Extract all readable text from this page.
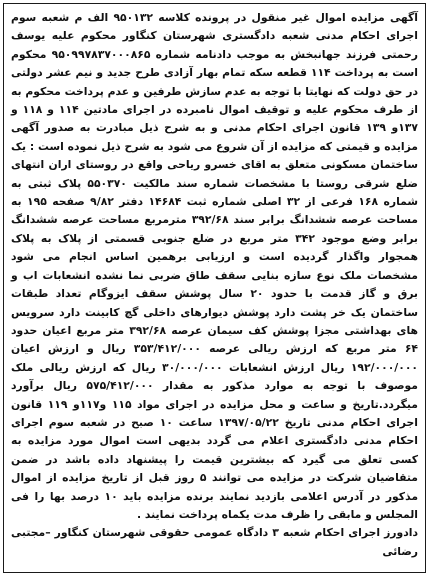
آگهی مزایده اموال غیر منقول در پرونده کلاسه ۹۵۰۱۳۲ الف م شعبه سوم اجرای احکام مدنی شعبه دادگستری شهرستان کنگاور محکوم علیه یوسف رحمتی فرزند جهانبخش به موجب دادنامه شماره ۹۵۰۹۹۷۸۳۷۰۰۰۸۶۵ محکوم است به پرداخت ۱۱۴ قطعه سکه تمام بهار آزادی طرح جدید و نیم عشر دولتی در حق دولت که نهایتا با توجه به عدم سازش طرفین و عدم پرداخت محکوم به از طرف محکوم علیه و توقیف اموال نامبرده در اجرای مادتین ۱۱۴ و ۱۱۸ و ۱۳۷و ۱۳۹ قانون اجرای احکام مدنی و به شرح ذیل مبادرت به صدور آگهی مزایده و قیمتی که مزایده از آن شروع می شود به شرح ذیل نموده است : یک ساختمان مسکونی متعلق به اقای خسرو ریاحی واقع در روستای اران انتهای ضلع شرقی روستا با مشخصات شماره سند مالکیت ۵۵۰۳۷۰ پلاک ثبتی به شماره ۱۶۸ فرعی از ۳۲ اصلی شماره ثبت ۱۴۶۸۴ دفتر ۹/۸۲ صفحه ۱۹۵ به مساحت عرصه ششدانگ برابر سند ۳۹۲/۶۸ مترمربع مساحت عرصه ششدانگ برابر وضع موجود ۳۴۲ متر مربع در ضلع جنوبی قسمتی از پلاک به پلاک همجوار واگذار گردیده است و ارزیابی برهمین اساس انجام می شود مشخصات ملک نوع سازه بنایی سقف طاق ضربی نما نشده انشعابات اب و برق و گاز قدمت با حدود ۲۰ سال پوشش سقف ایزوگام تعداد طبقات ساختمان یک خر پشت دارد پوشش دیوارهای داخلی گچ کابینت دارد سرویس های بهداشتی مجزا پوشش کف سیمان عرصه ۳۹۲/۶۸ متر مربع اعیان حدود ۶۴ متر مربع که ارزش ریالی عرصه ۳۵۳/۴۱۲/۰۰۰ ریال و ارزش اعیان ۱۹۲/۰۰۰/۰۰۰ ریال ارزش انشعابات ۳۰/۰۰۰/۰۰۰ ریال که ارزش ریالی ملک موصوف با توجه به موارد مذکور به مقدار ۵۷۵/۴۱۲/۰۰۰ ریال برآورد میگردد.تاریخ و ساعت و محل مزایده در اجرای مواد ۱۱۵ و۱۱۷و ۱۱۹ قانون اجرای احکام مدنی تاریخ ۱۳۹۷/۰۵/۲۲ ساعت ۱۰ صبح در شعبه سوم اجرای احکام مدنی دادگستری اعلام می گردد بدیهی است اموال مورد مزایده به کسی تعلق می گیرد که بیشترین قیمت را پیشنهاد داده باشد در ضمن متقاضیان شرکت در مزایده می توانند ۵ روز قبل از تاریخ مزایده از اموال مذکور در آدرس اعلامی بازدید نمایند برنده مزایده باید ۱۰ درصد بها را فی المجلس و مابقی را ظرف مدت یکماه پرداخت نمایند .

دادورز اجرای احکام شعبه ۳ دادگاه عمومی حقوقی شهرستان کنگاور –مجتبی رضائی
